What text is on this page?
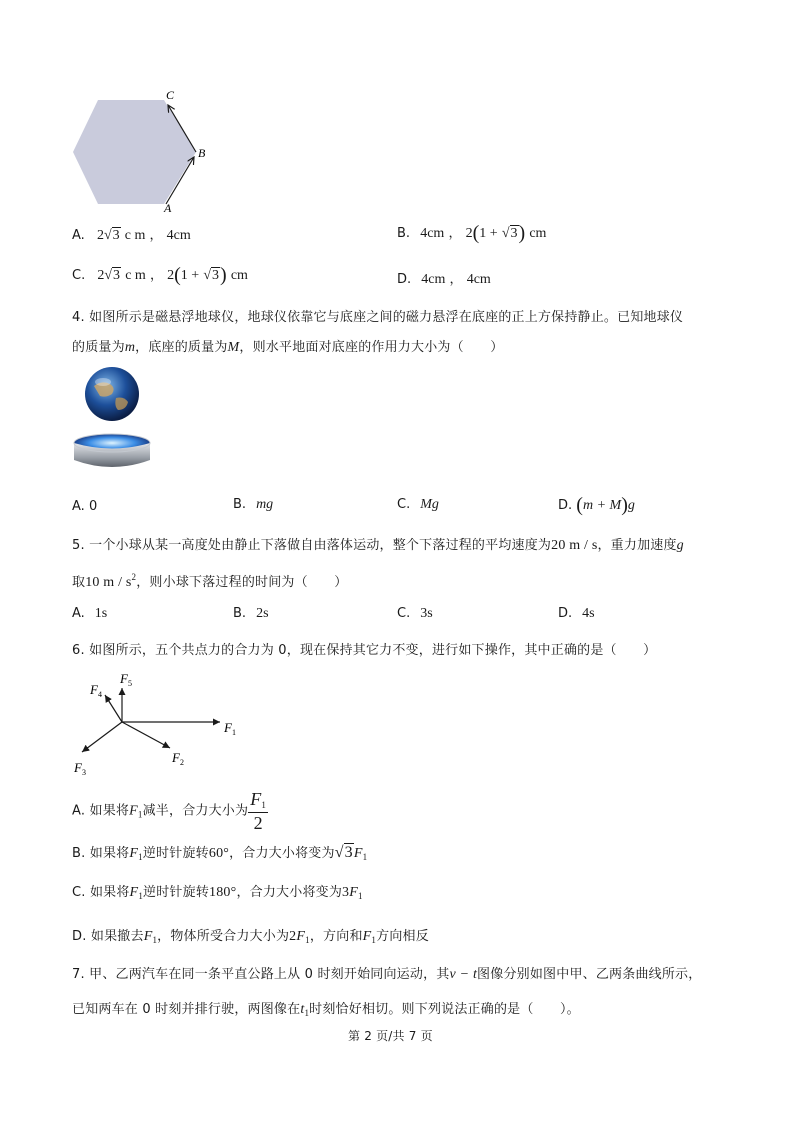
C
B
A
A. 2√3 c m ， 4cm	B. 4cm ， 2(1 + √3) cm
C. 2√3 c m ， 2(1 + √3) cm	D. 4cm ， 4cm
4. 如图所示是磁悬浮地球仪，地球仪依靠它与底座之间的磁力悬浮在底座的正上方保持静止。已知地球仪
的质量为m，底座的质量为M，则水平地面对底座的作用力大小为（　　）
A. 0	B. mg	C. Mg	D. (m + M)g
5. 一个小球从某一高度处由静止下落做自由落体运动，整个下落过程的平均速度为20 m / s，重力加速度g
取10 m / $s^2$，则小球下落过程的时间为（　　）
A. 1s	B. 2s	C. 3s	D. 4s
6. 如图所示，五个共点力的合力为 0，现在保持其它力不变，进行如下操作，其中正确的是（　　）
$F_1$
$F_2$
$F_3$
$F_4$
$F_5$
A. 如果将$F_1$减半，合力大小为 $\frac{F_1}{2}$
B. 如果将$F_1$逆时针旋转60°，合力大小将变为$√3F_1$
C. 如果将$F_1$逆时针旋转180°，合力大小将变为$3F_1$
D. 如果撤去$F_1$，物体所受合力大小为$2F_1$，方向和$F_1$方向相反
7. 甲、乙两汽车在同一条平直公路上从 0 时刻开始同向运动，其v − t图像分别如图中甲、乙两条曲线所示，
已知两车在 0 时刻并排行驶，两图像在$t_1$时刻恰好相切。则下列说法正确的是（　　）。
第 2 页/共 7 页
